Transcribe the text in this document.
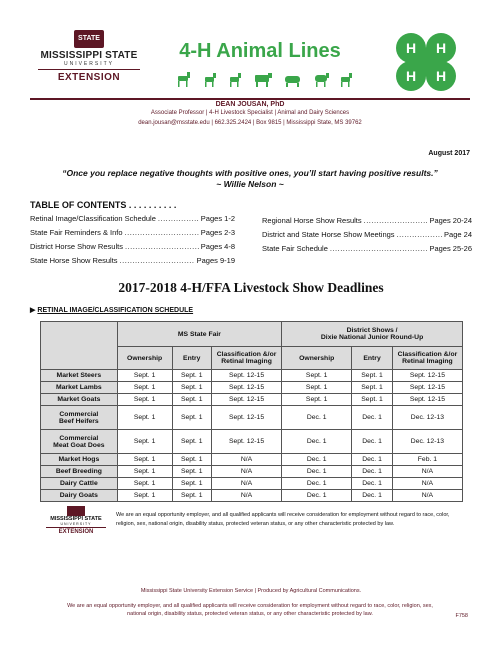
STATE
MISSISSIPPI STATE
UNIVERSITY
EXTENSION
4-H Animal Lines	H H
H H
DEAN JOUSAN, PhD
Associate Professor | 4-H Livestock Specialist | Animal and Dairy Sciences
dean.jousan@msstate.edu | 662.325.2424 | Box 9815 | Mississippi State, MS 39762
August 2017
“Once you replace negative thoughts with positive ones, you’ll start having positive results.”
~ Willie Nelson ~
TABLE OF CONTENTS . . . . . . . . . .
Retinal Image/Classification Schedule .....	Pages 1-2
State Fair Reminders & Info .....	Pages 2-3
District Horse Show Results .....	Pages 4-8
State Horse Show Results .....	Pages 9-19
Regional Horse Show Results .....	Pages 20-24
District and State Horse Show Meetings .....	Page 24
State Fair Schedule .....	Pages 25-26
2017-2018 4-H/FFA Livestock Show Deadlines
▶ RETINAL IMAGE/CLASSIFICATION SCHEDULE
	MS State Fair			District Shows /
Dixie National Junior Round-Up		
	Ownership	Entry	Classification &/or
Retinal Imaging	Ownership	Entry	Classification &/or
Retinal Imaging
Market Steers	Sept. 1	Sept. 1	Sept. 12-15	Sept. 1	Sept. 1	Sept. 12-15
Market Lambs	Sept. 1	Sept. 1	Sept. 12-15	Sept. 1	Sept. 1	Sept. 12-15
Market Goats	Sept. 1	Sept. 1	Sept. 12-15	Sept. 1	Sept. 1	Sept. 12-15
Commercial
Beef Heifers	Sept. 1	Sept. 1	Sept. 12-15	Dec. 1	Dec. 1	Dec. 12-13
Commercial
Meat Goat Does	Sept. 1	Sept. 1	Sept. 12-15	Dec. 1	Dec. 1	Dec. 12-13
Market Hogs	Sept. 1	Sept. 1	N/A	Dec. 1	Dec. 1	Feb. 1
Beef Breeding	Sept. 1	Sept. 1	N/A	Dec. 1	Dec. 1	N/A
Dairy Cattle	Sept. 1	Sept. 1	N/A	Dec. 1	Dec. 1	N/A
Dairy Goats	Sept. 1	Sept. 1	N/A	Dec. 1	Dec. 1	N/A
MISSISSIPPI STATE
UNIVERSITY
EXTENSION
We are an equal opportunity employer, and all qualified applicants will receive consideration for employment without regard to race, color, religion, sex, national origin, disability status, protected veteran status, or any other characteristic protected by law.
Mississippi State University Extension Service | Produced by Agricultural Communications.
We are an equal opportunity employer, and all qualified applicants will receive consideration for employment without regard to race, color, religion, sex, national origin, disability status, protected veteran status, or any other characteristic protected by law.	F758
